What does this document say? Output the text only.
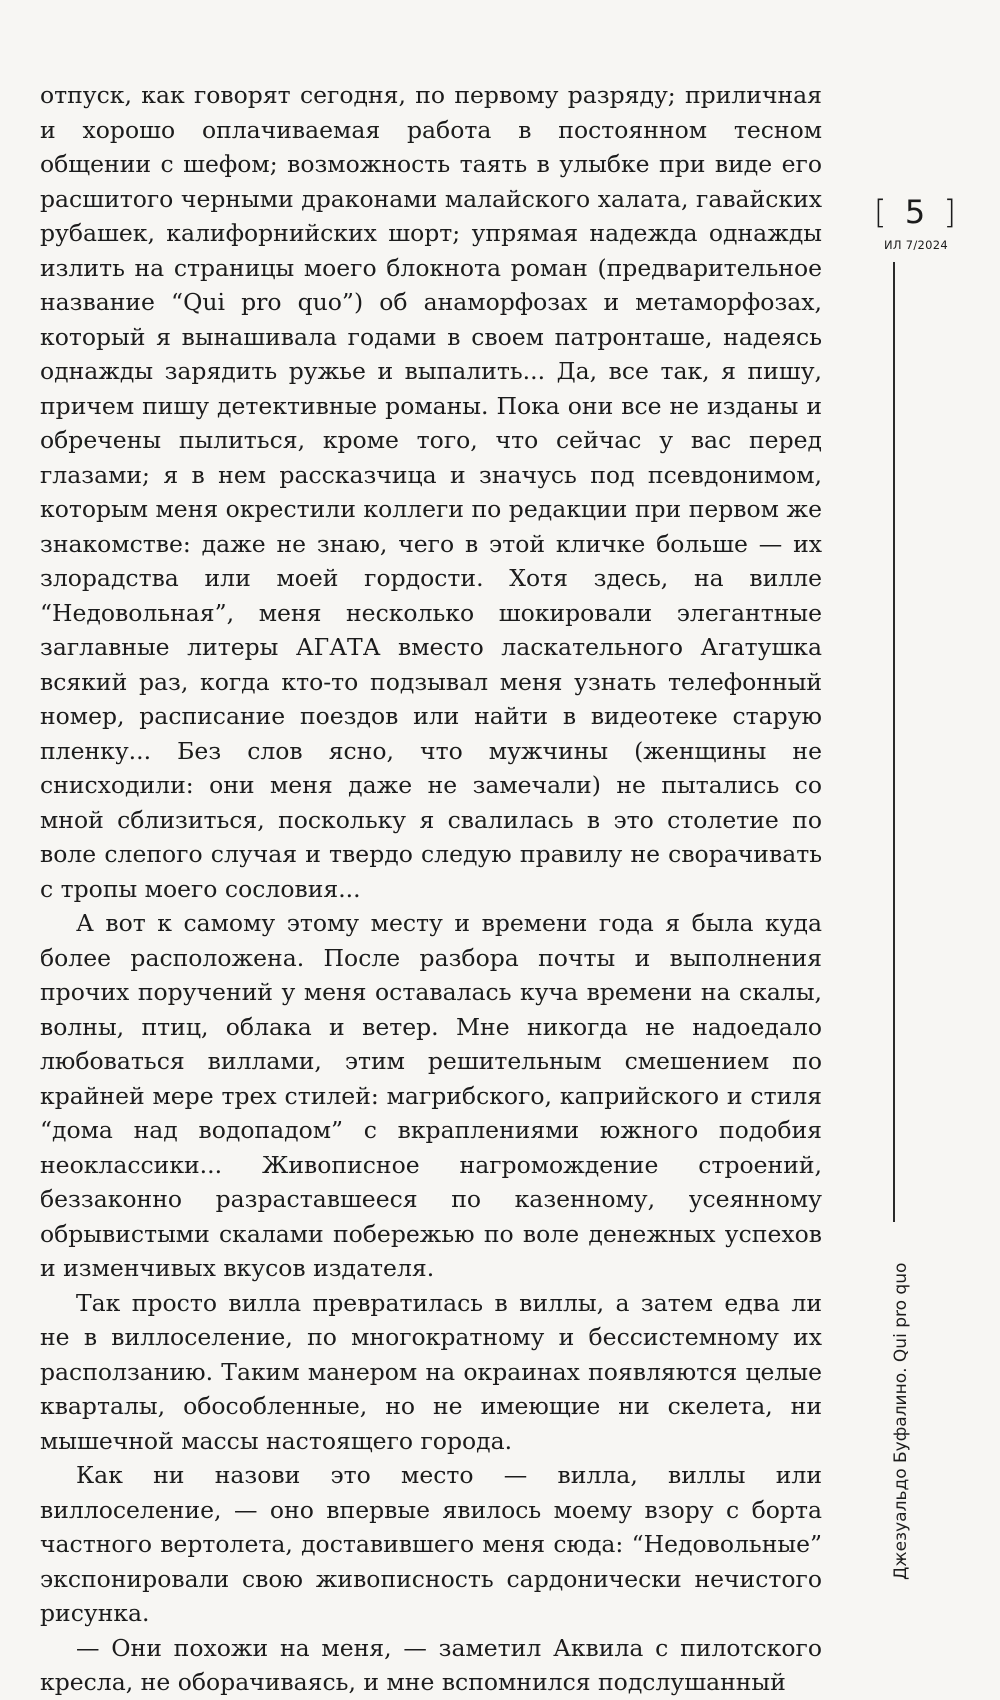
отпуск, как говорят сегодня, по первому разряду; приличная и хорошо оплачиваемая работа в постоянном тесном общении с шефом; возможность таять в улыбке при виде его расшитого черными драконами малайского халата, гавайских рубашек, калифорнийских шорт; упрямая надежда однажды излить на страницы моего блокнота роман (предварительное название “Qui pro quo”) об анаморфозах и метаморфозах, который я вынашивала годами в своем патронташе, надеясь однажды зарядить ружье и выпалить... Да, все так, я пишу, причем пишу детективные романы. Пока они все не изданы и обречены пылиться, кроме того, что сейчас у вас перед глазами; я в нем рассказчица и значусь под псевдонимом, которым меня окрестили коллеги по редакции при первом же знакомстве: даже не знаю, чего в этой кличке больше — их злорадства или моей гордости. Хотя здесь, на вилле “Недовольная”, меня несколько шокировали элегантные заглавные литеры АГАТА вместо ласкательного Агатушка всякий раз, когда кто-то подзывал меня узнать телефонный номер, расписание поездов или найти в видеотеке старую пленку... Без слов ясно, что мужчины (женщины не снисходили: они меня даже не замечали) не пытались со мной сблизиться, поскольку я свалилась в это столетие по воле слепого случая и твердо следую правилу не сворачивать с тропы моего сословия...

А вот к самому этому месту и времени года я была куда более расположена. После разбора почты и выполнения прочих поручений у меня оставалась куча времени на скалы, волны, птиц, облака и ветер. Мне никогда не надоедало любоваться виллами, этим решительным смешением по крайней мере трех стилей: магрибского, каприйского и стиля “дома над водопадом” с вкраплениями южного подобия неоклассики... Живописное нагромождение строений, беззаконно разраставшееся по казенному, усеянному обрывистыми скалами побережью по воле денежных успехов и изменчивых вкусов издателя.

Так просто вилла превратилась в виллы, а затем едва ли не в виллоселение, по многократному и бессистемному их расползанию. Таким манером на окраинах появляются целые кварталы, обособленные, но не имеющие ни скелета, ни мышечной массы настоящего города.

Как ни назови это место — вилла, виллы или виллоселение, — оно впервые явилось моему взору с борта частного вертолета, доставившего меня сюда: “Недовольные” экспонировали свою живописность сардонически нечистого рисунка.

— Они похожи на меня, — заметил Аквила с пилотского кресла, не оборачиваясь, и мне вспомнился подслушанный

[ 5 ]
ИЛ 7/2024
Джезуальдо Буфалино. Qui pro quo
